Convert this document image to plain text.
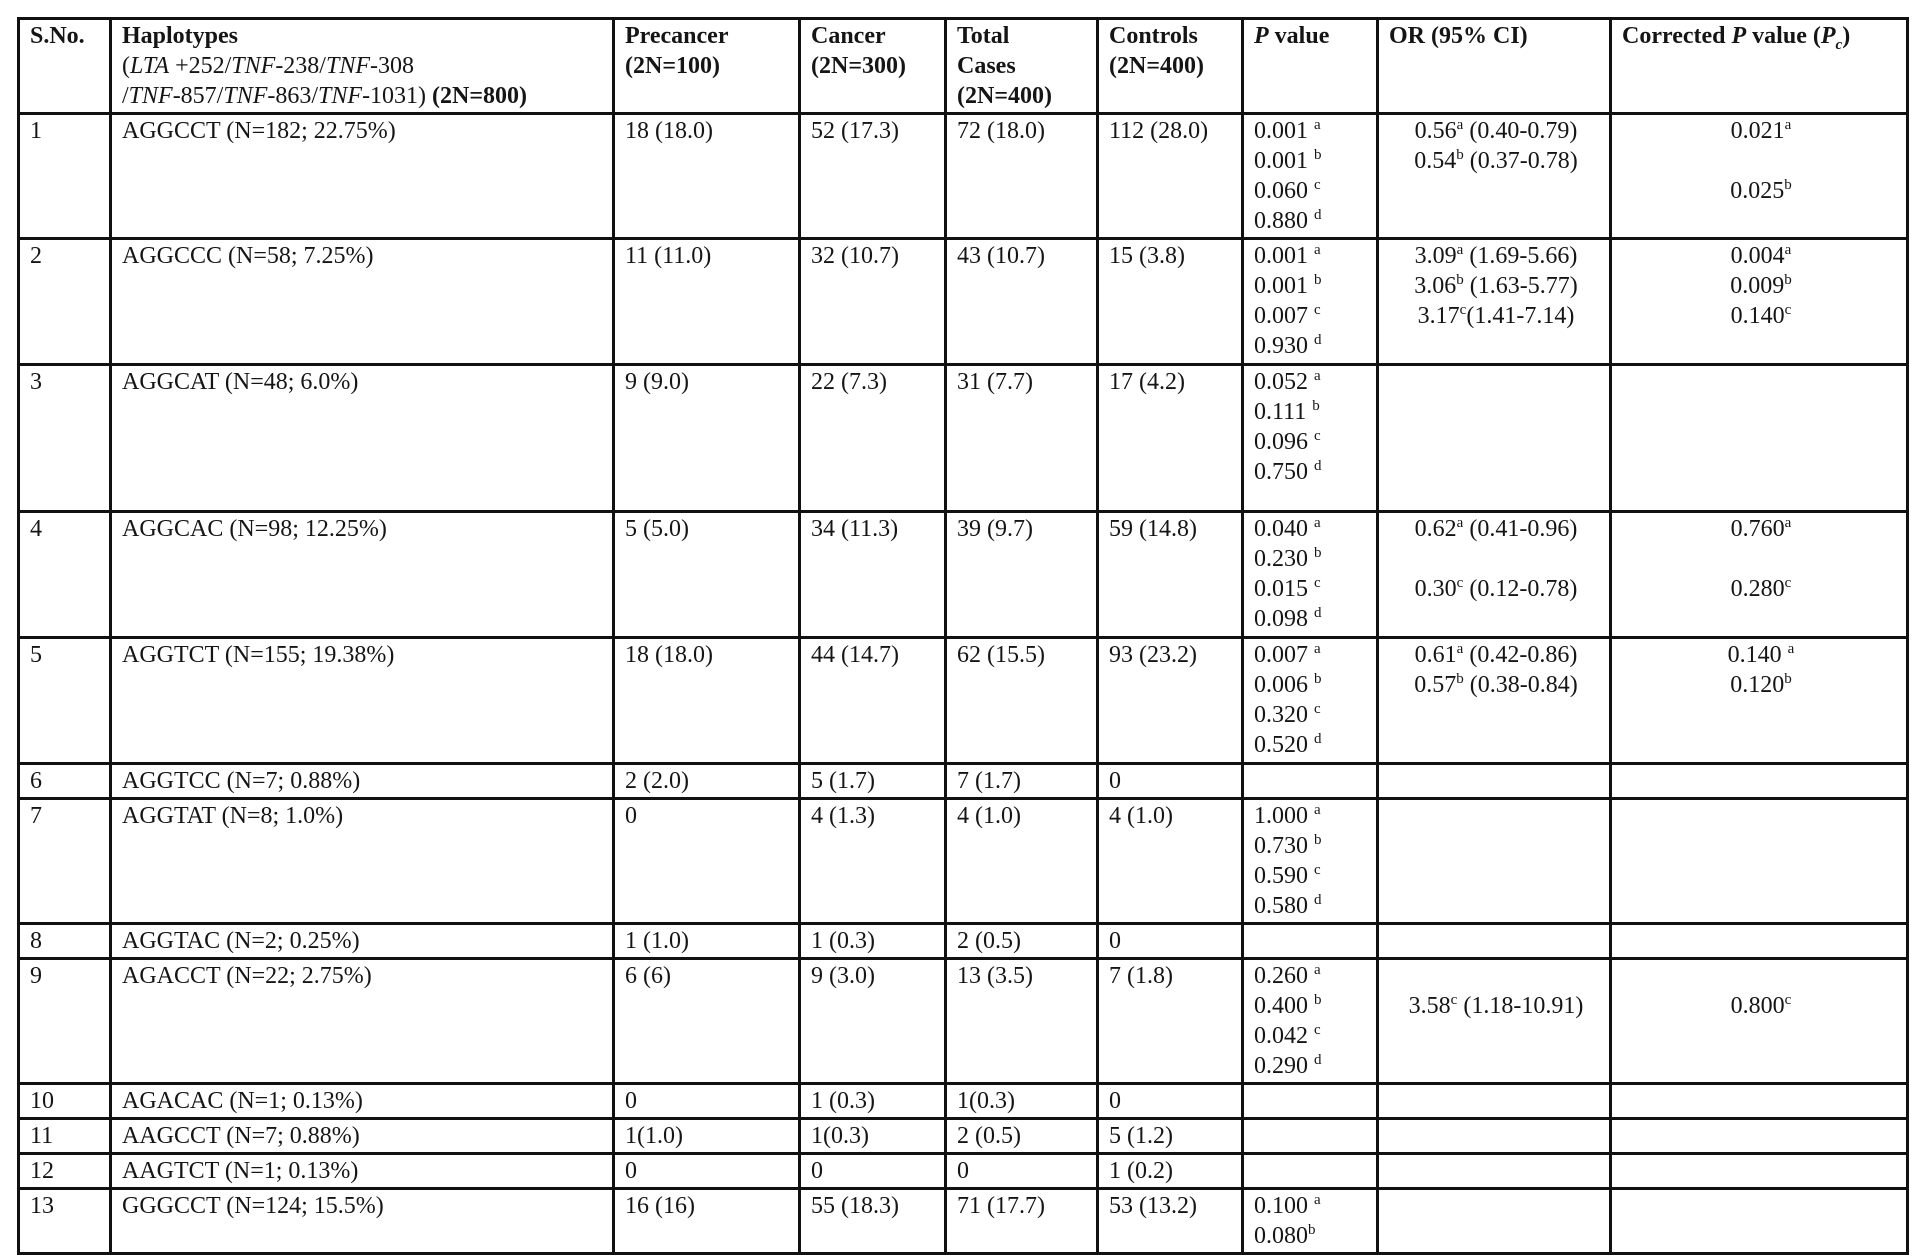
S.No.	Haplotypes
(LTA +252/TNF-238/TNF-308
/TNF-857/TNF-863/TNF-1031) (2N=800)	Precancer
(2N=100)	Cancer
(2N=300)	Total
Cases
(2N=400)	Controls
(2N=400)	P value	OR (95% CI)	Corrected P value $(P_c)$
1	AGGCCT (N=182; 22.75%)	18 (18.0)	52 (17.3)	72 (18.0)	112 (28.0)	0.001 $^a$
0.001 $^b$
0.060 $^c$
0.880 $^d$	0.56$^a$ (0.40-0.79)
0.54$^b$ (0.37-0.78)	0.021$^a$

0.025$^b$

2	AGGCCC (N=58; 7.25%)	11 (11.0)	32 (10.7)	43 (10.7)	15 (3.8)	0.001 $^a$
0.001 $^b$
0.007 $^c$
0.930 $^d$	3.09$^a$ (1.69-5.66)
3.06$^b$ (1.63-5.77)
3.17$^c$(1.41-7.14)	0.004$^a$
0.009$^b$
0.140$^c$

3	AGGCAT (N=48; 6.0%)	9 (9.0)	22 (7.3)	31 (7.7)	17 (4.2)	0.052 $^a$
0.111 $^b$
0.096 $^c$
0.750 $^d$

4	AGGCAC (N=98; 12.25%)	5 (5.0)	34 (11.3)	39 (9.7)	59 (14.8)	0.040 $^a$
0.230 $^b$
0.015 $^c$
0.098 $^d$	0.62$^a$ (0.41-0.96)

0.30$^c$ (0.12-0.78)	0.760$^a$

0.280$^c$

5	AGGTCT (N=155; 19.38%)	18 (18.0)	44 (14.7)	62 (15.5)	93 (23.2)	0.007 $^a$
0.006 $^b$
0.320 $^c$
0.520 $^d$	0.61$^a$ (0.42-0.86)
0.57$^b$ (0.38-0.84)	0.140 $^a$
0.120$^b$

6	AGGTCC (N=7; 0.88%)	2 (2.0)	5 (1.7)	7 (1.7)	0			
7	AGGTAT (N=8; 1.0%)	0	4 (1.3)	4 (1.0)	4 (1.0)	1.000 $^a$
0.730 $^b$
0.590 $^c$
0.580 $^d$

8	AGGTAC (N=2; 0.25%)	1 (1.0)	1 (0.3)	2 (0.5)	0			
9	AGACCT (N=22; 2.75%)	6 (6)	9 (3.0)	13 (3.5)	7 (1.8)	0.260 $^a$
0.400 $^b$
0.042 $^c$
0.290 $^d$	3.58$^c$ (1.18-10.91)	0.800$^c$

10	AGACAC (N=1; 0.13%)	0	1 (0.3)	1(0.3)	0			
11	AAGCCT (N=7; 0.88%)	1(1.0)	1(0.3)	2 (0.5)	5 (1.2)			
12	AAGTCT (N=1; 0.13%)	0	0	0	1 (0.2)			
13	GGGCCT (N=124; 15.5%)	16 (16)	55 (18.3)	71 (17.7)	53 (13.2)	0.100 $^a$
0.080$^b$
